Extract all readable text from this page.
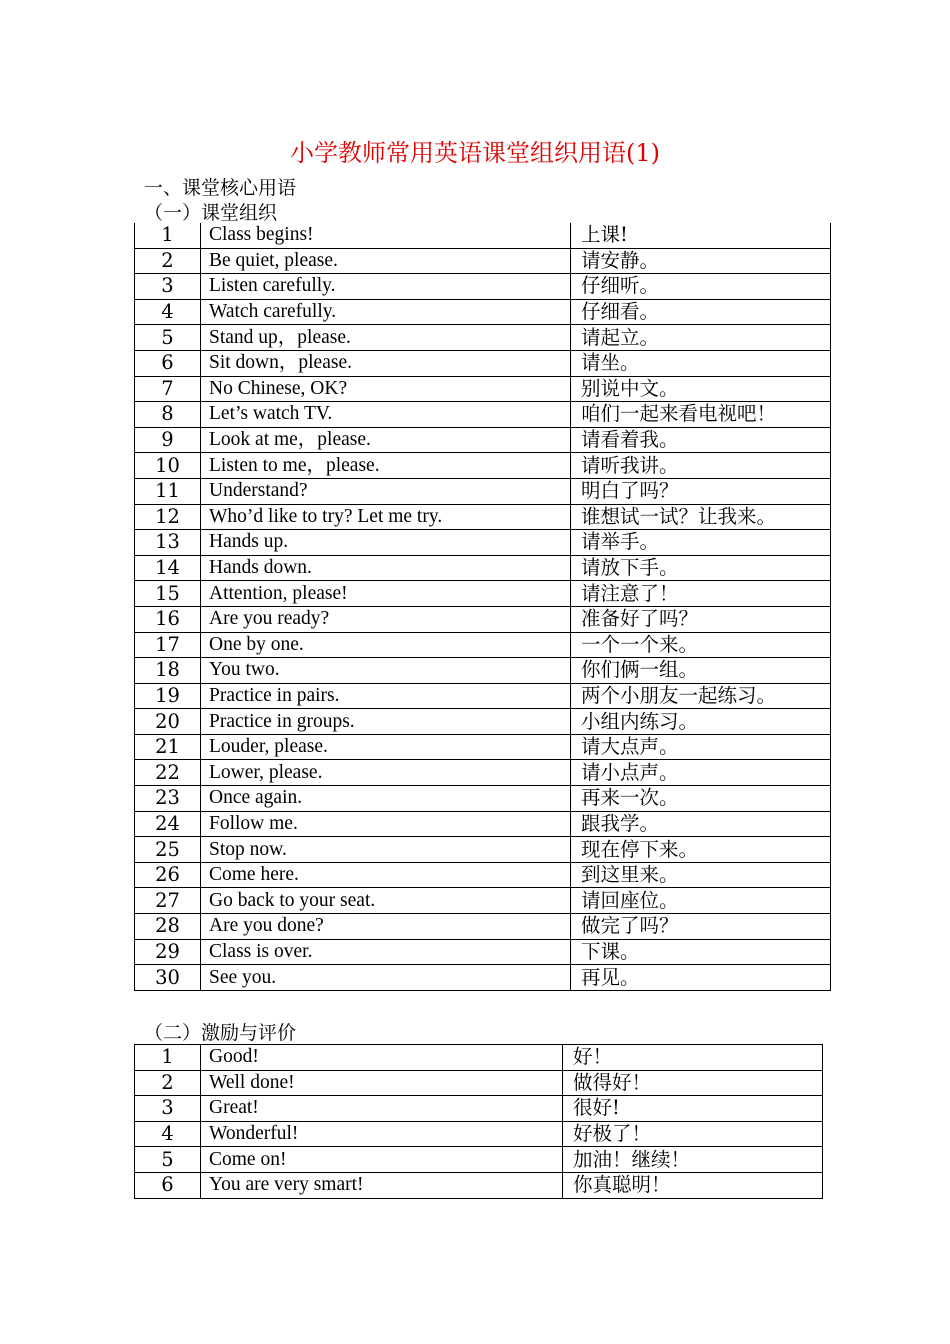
小学教师常用英语课堂组织用语(1)
一、课堂核心用语
（一）课堂组织
1	Class begins!	上课!
2	Be quiet, please.	请安静。
3	Listen carefully.	仔细听。
4	Watch carefully.	仔细看。
5	Stand up，please.	请起立。
6	Sit down，please.	请坐。
7	No Chinese, OK?	别说中文。
8	Let’s watch TV.	咱们一起来看电视吧！
9	Look at me，please.	请看着我。
10	Listen to me，please.	请听我讲。
11	Understand?	明白了吗？
12	Who’d like to try? Let me try.	谁想试一试？让我来。
13	Hands up.	请举手。
14	Hands down.	请放下手。
15	Attention, please!	请注意了！
16	Are you ready?	准备好了吗？
17	One by one.	一个一个来。
18	You two.	你们俩一组。
19	Practice in pairs.	两个小朋友一起练习。
20	Practice in groups.	小组内练习。
21	Louder, please.	请大点声。
22	Lower, please.	请小点声。
23	Once again.	再来一次。
24	Follow me.	跟我学。
25	Stop now.	现在停下来。
26	Come here.	到这里来。
27	Go back to your seat.	请回座位。
28	Are you done?	做完了吗？
29	Class is over.	下课。
30	See you.	再见。
（二）激励与评价
1	Good!	好！
2	Well done!	做得好！
3	Great!	很好!
4	Wonderful!	好极了！
5	Come on!	加油！继续！
6	You are very smart!	你真聪明！
